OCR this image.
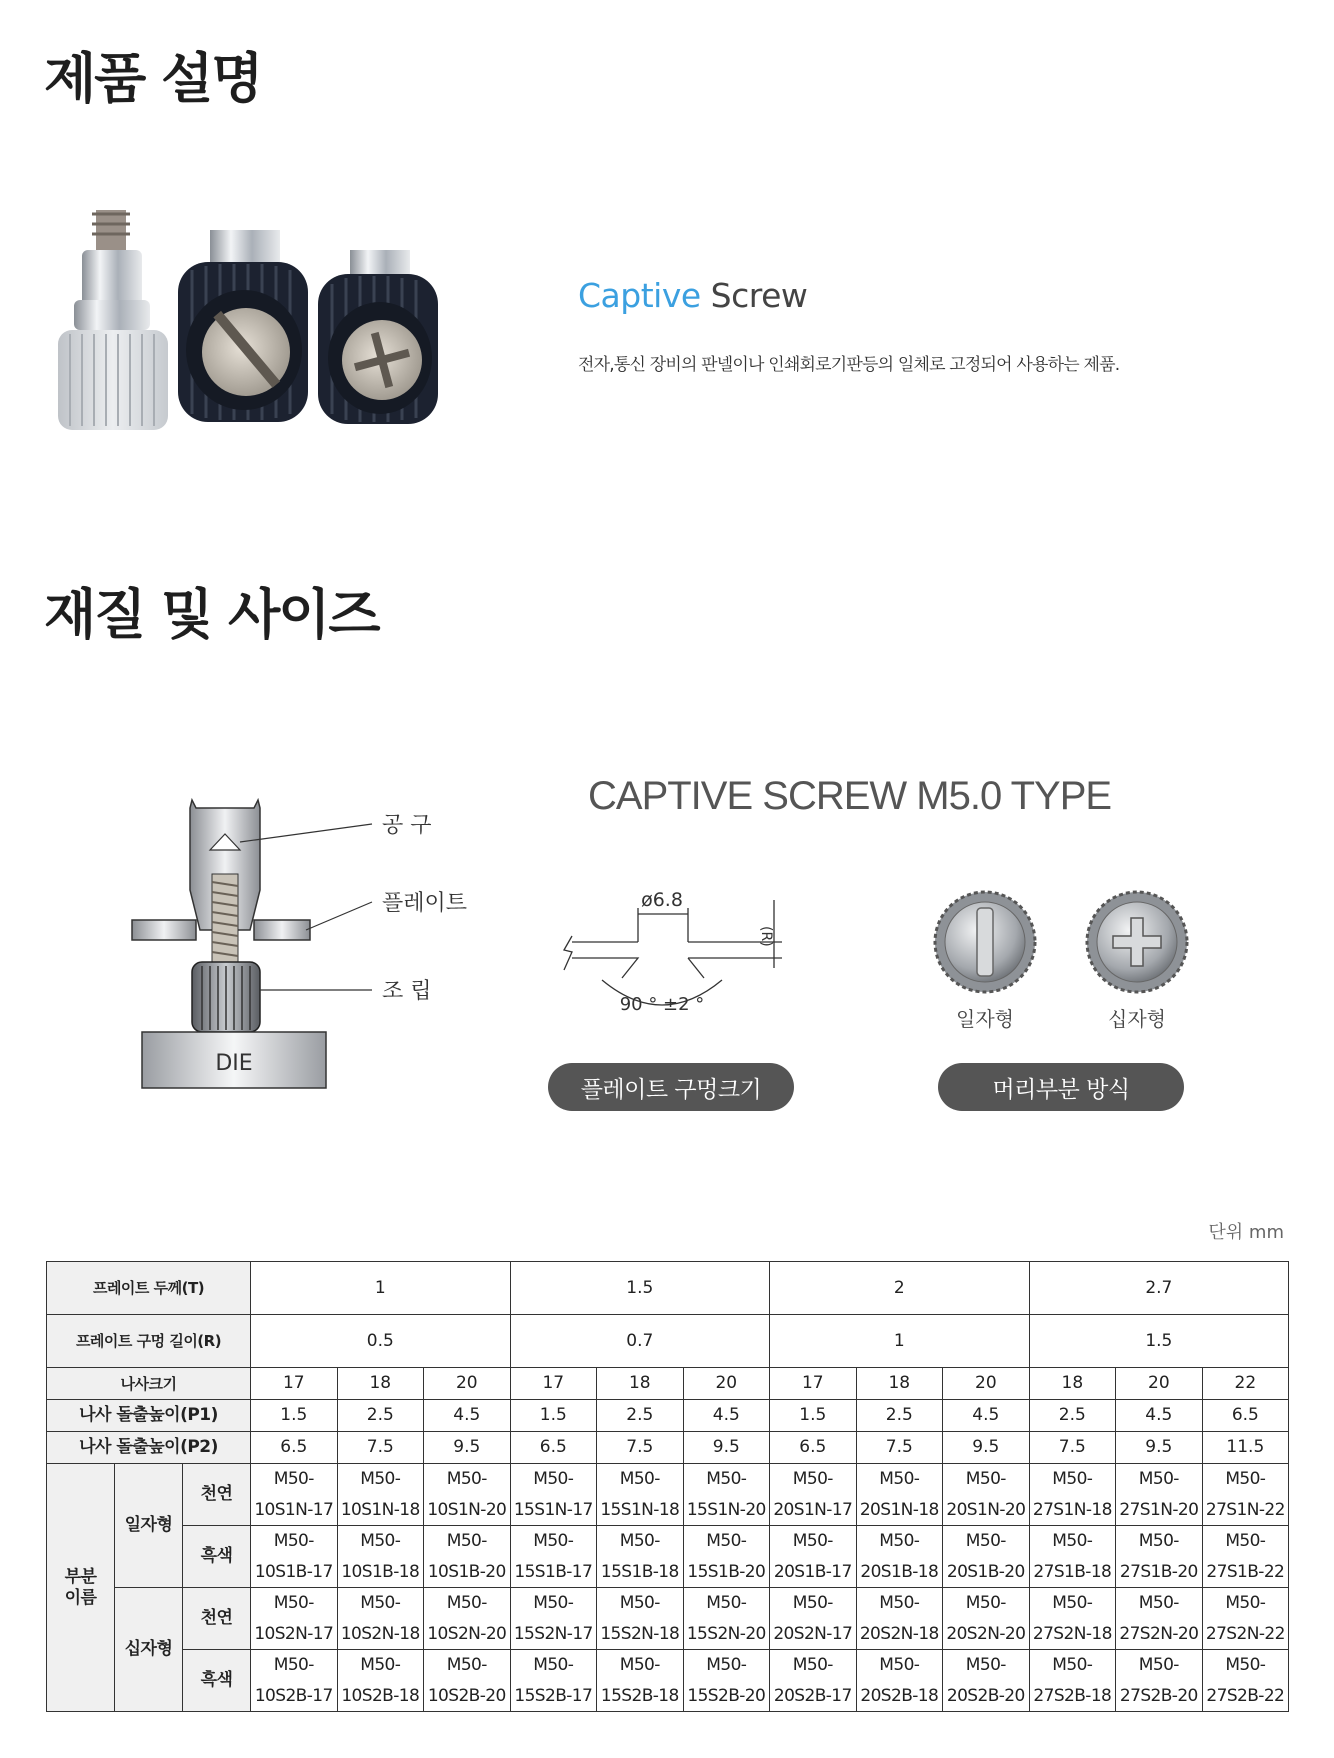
제품 설명
Captive Screw
전자,통신 장비의 판넬이나 인쇄회로기판등의 일체로 고정되어 사용하는 제품.
재질 및 사이즈
DIE
공 구
플레이트
조 립
CAPTIVE SCREW M5.0 TYPE
ø6.8
(R)
90 ° ±2 °
일자형	십자형
플레이트 구멍크기	머리부분 방식
단위 mm
프레이트 두께(T)			1			1.5			2			2.7		
프레이트 구멍 길이(R)			0.5			0.7			1			1.5		
나사크기			17	18	20	17	18	20	17	18	20	18	20	22
나사 돌출높이(P1)			1.5	2.5	4.5	1.5	2.5	4.5	1.5	2.5	4.5	2.5	4.5	6.5
나사 돌출높이(P2)			6.5	7.5	9.5	6.5	7.5	9.5	6.5	7.5	9.5	7.5	9.5	11.5
부분
이름	일자형	천연	M50-	M50-	M50-	M50-	M50-	M50-	M50-	M50-	M50-	M50-	M50-	M50-
			10S1N-17	10S1N-18	10S1N-20	15S1N-17	15S1N-18	15S1N-20	20S1N-17	20S1N-18	20S1N-20	27S1N-18	27S1N-20	27S1N-22
		흑색	M50-	M50-	M50-	M50-	M50-	M50-	M50-	M50-	M50-	M50-	M50-	M50-
			10S1B-17	10S1B-18	10S1B-20	15S1B-17	15S1B-18	15S1B-20	20S1B-17	20S1B-18	20S1B-20	27S1B-18	27S1B-20	27S1B-22
	십자형	천연	M50-	M50-	M50-	M50-	M50-	M50-	M50-	M50-	M50-	M50-	M50-	M50-
			10S2N-17	10S2N-18	10S2N-20	15S2N-17	15S2N-18	15S2N-20	20S2N-17	20S2N-18	20S2N-20	27S2N-18	27S2N-20	27S2N-22
		흑색	M50-	M50-	M50-	M50-	M50-	M50-	M50-	M50-	M50-	M50-	M50-	M50-
			10S2B-17	10S2B-18	10S2B-20	15S2B-17	15S2B-18	15S2B-20	20S2B-17	20S2B-18	20S2B-20	27S2B-18	27S2B-20	27S2B-22
